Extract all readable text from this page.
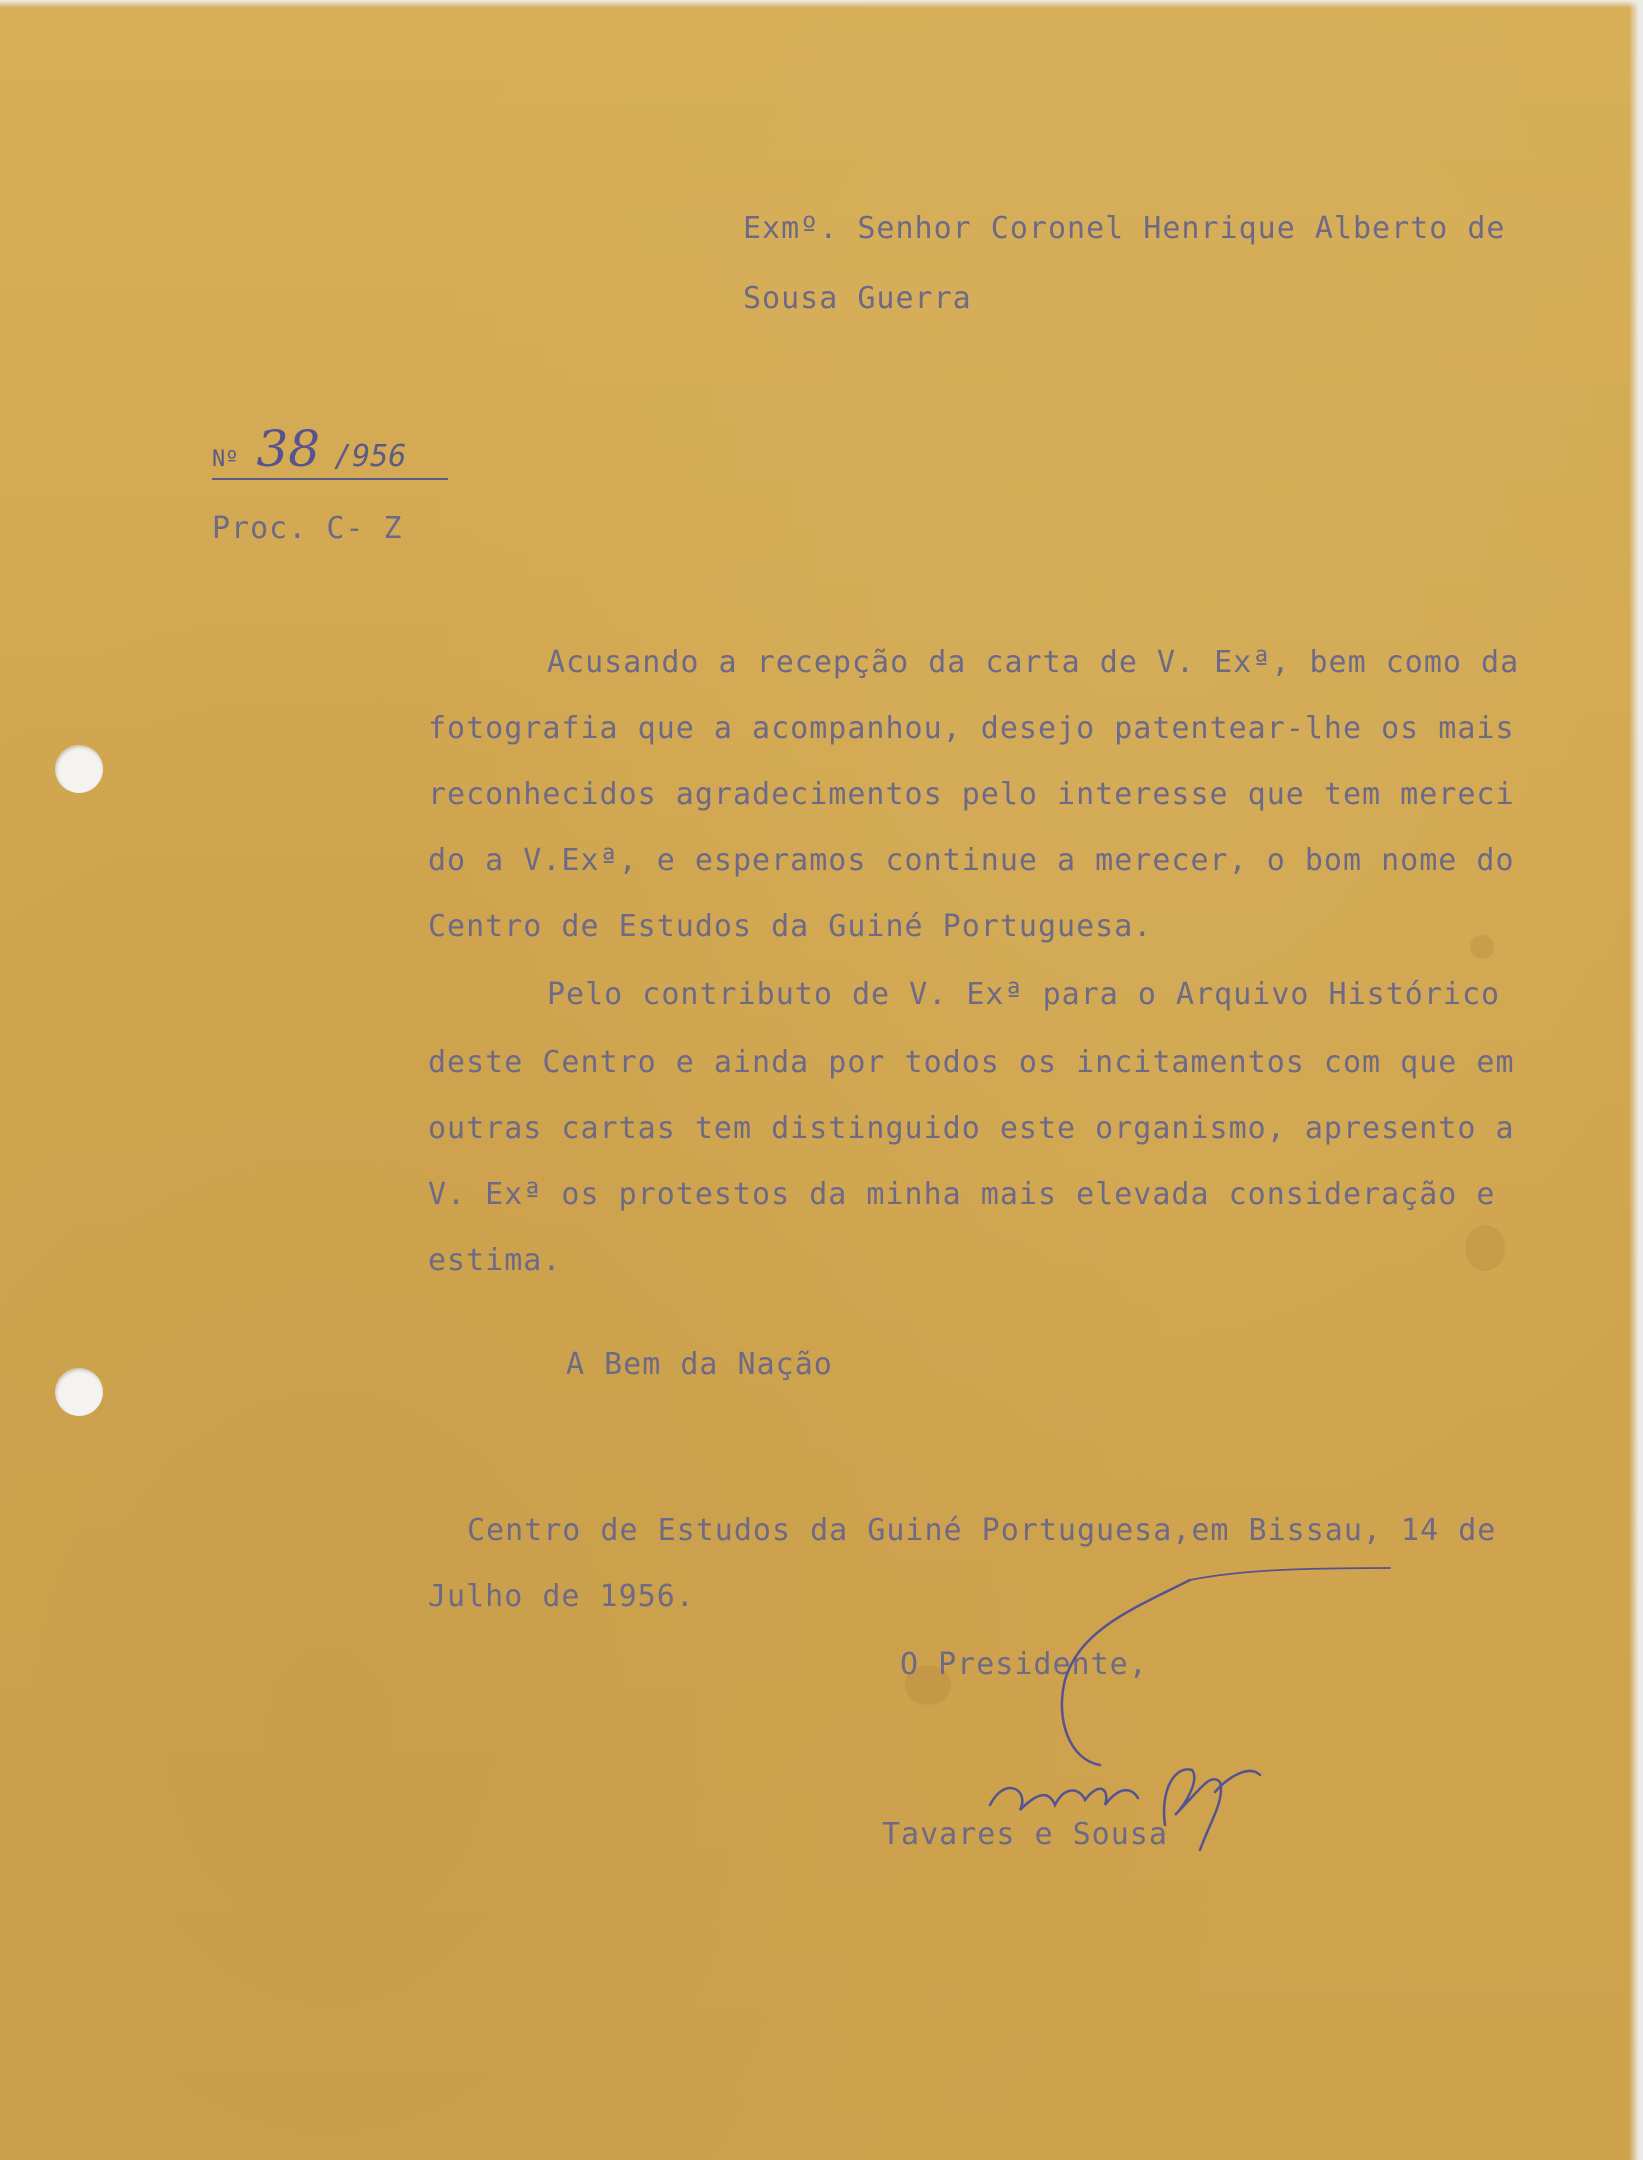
Exmº. Senhor Coronel Henrique Alberto de

Sousa Guerra

Nº 38 /956

Proc. C- Z

Acusando a recepção da carta de V. Exª, bem como da

fotografia que a acompanhou, desejo patentear-lhe os mais

reconhecidos agradecimentos pelo interesse que tem mereci

do a V.Exª, e esperamos continue a merecer, o bom nome do

Centro de Estudos da Guiné Portuguesa.

Pelo contributo de V. Exª para o Arquivo Histórico

deste Centro e ainda por todos os incitamentos com que em

outras cartas tem distinguido este organismo, apresento a

V. Exª os protestos da minha mais elevada consideração e

estima.

A Bem da Nação

Centro de Estudos da Guiné Portuguesa,em Bissau, 14 de

Julho de 1956.

O Presidente,

Tavares e Sousa
